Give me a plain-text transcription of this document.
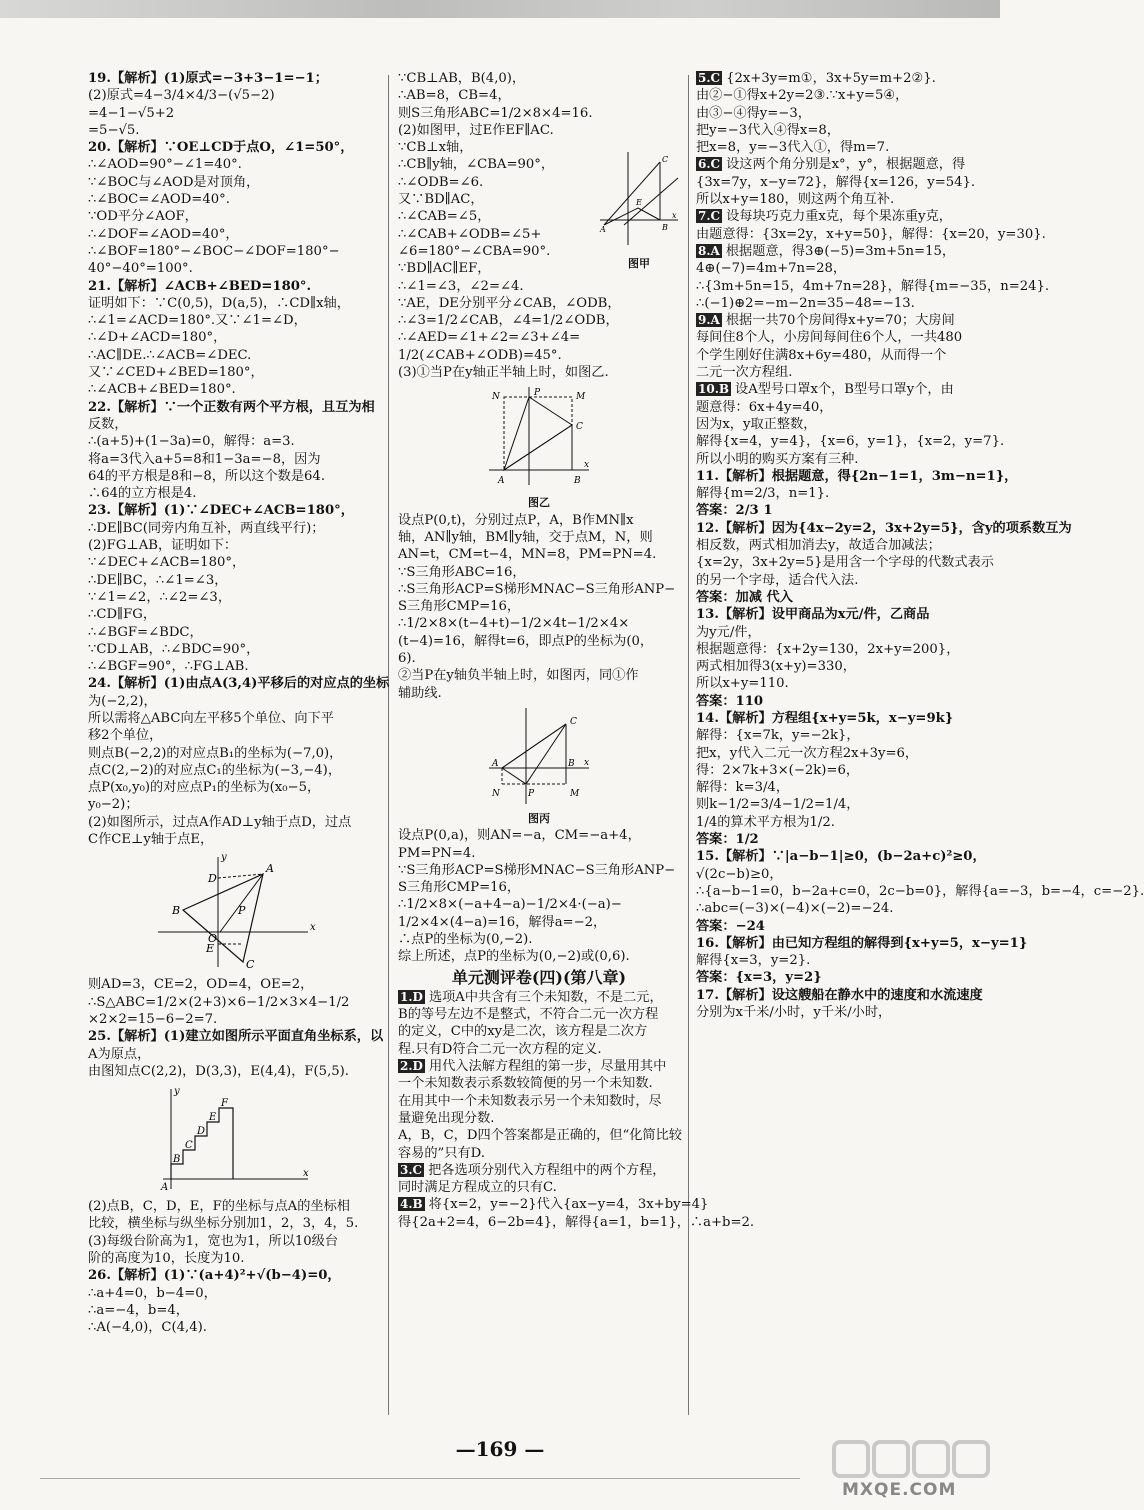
19.【解析】(1)原式=−3+3−1=−1；
(2)原式=4−3/4×4/3−(√5−2)
=4−1−√5+2
=5−√5.
20.【解析】∵OE⊥CD于点O，∠1=50°，
∴∠AOD=90°−∠1=40°.
∵∠BOC与∠AOD是对顶角，
∴∠BOC=∠AOD=40°.
∵OD平分∠AOF，
∴∠DOF=∠AOD=40°，
∴∠BOF=180°−∠BOC−∠DOF=180°−
40°−40°=100°.
21.【解析】∠ACB+∠BED=180°.
证明如下：∵C(0,5)，D(a,5)，∴CD∥x轴，
∴∠1=∠ACD=180°.又∵∠1=∠D，
∴∠D+∠ACD=180°，
∴AC∥DE.∴∠ACB=∠DEC.
又∵∠CED+∠BED=180°，
∴∠ACB+∠BED=180°.
22.【解析】∵一个正数有两个平方根，且互为相
反数，
∴(a+5)+(1−3a)=0，解得：a=3.
将a=3代入a+5=8和1−3a=−8，因为
64的平方根是8和−8，所以这个数是64.
∴64的立方根是4.
23.【解析】(1)∵∠DEC+∠ACB=180°，
∴DE∥BC(同旁内角互补，两直线平行)；
(2)FG⊥AB，证明如下：
∵∠DEC+∠ACB=180°，
∴DE∥BC，∴∠1=∠3，
∵∠1=∠2，∴∠2=∠3，
∴CD∥FG，
∴∠BGF=∠BDC，
∵CD⊥AB，∴∠BDC=90°，
∴∠BGF=90°，∴FG⊥AB.
24.【解析】(1)由点A(3,4)平移后的对应点的坐标
为(−2,2)，
所以需将△ABC向左平移5个单位、向下平
移2个单位，
则点B(−2,2)的对应点B₁的坐标为(−7,0)，
点C(2,−2)的对应点C₁的坐标为(−3,−4)，
点P(x₀,y₀)的对应点P₁的坐标为(x₀−5，
y₀−2)；
(2)如图所示，过点A作AD⊥y轴于点D，过点
C作CE⊥y轴于点E，
A
B
C
D
E
O
P
x
y
则AD=3，CE=2，OD=4，OE=2，
∴S△ABC=1/2×(2+3)×6−1/2×3×4−1/2
×2×2=15−6−2=7.
25.【解析】(1)建立如图所示平面直角坐标系，以
A为原点，
由图知点C(2,2)，D(3,3)，E(4,4)，F(5,5).
A
B
C
D
E
F
x
y
(2)点B，C，D，E，F的坐标与点A的坐标相
比较，横坐标与纵坐标分别加1，2，3，4，5.
(3)每级台阶高为1，宽也为1，所以10级台
阶的高度为10，长度为10.
26.【解析】(1)∵(a+4)²+√(b−4)=0，
∴a+4=0，b−4=0，
∴a=−4，b=4，
∴A(−4,0)，C(4,4).
∵CB⊥AB，B(4,0)，
∴AB=8，CB=4，
则S三角形ABC=1/2×8×4=16.
(2)如图甲，过E作EF∥AC.
∵CB⊥x轴，
∴CB∥y轴，∠CBA=90°，
∴∠ODB=∠6.
又∵BD∥AC，
∴∠CAB=∠5，
∴∠CAB+∠ODB=∠5+
∠6=180°−∠CBA=90°.
∵BD∥AC∥EF，
∴∠1=∠3，∠2=∠4.
∵AE，DE分别平分∠CAB，∠ODB，
∴∠3=1/2∠CAB，∠4=1/2∠ODB，
∴∠AED=∠1+∠2=∠3+∠4=
1/2(∠CAB+∠ODB)=45°.
(3)①当P在y轴正半轴上时，如图乙.
C
A
E
B
x
图甲
N	M
P
C
A	B
x
图乙
设点P(0,t)，分别过点P，A，B作MN∥x
轴，AN∥y轴，BM∥y轴，交于点M，N，则
AN=t，CM=t−4，MN=8，PM=PN=4.
∵S三角形ABC=16，
∴S三角形ACP=S梯形MNAC−S三角形ANP−
S三角形CMP=16，
∴1/2×8×(t−4+t)−1/2×4t−1/2×4×
(t−4)=16，解得t=6，即点P的坐标为(0，
6).
②当P在y轴负半轴上时，如图丙，同①作
辅助线.
C
A	B
N	P	M
x
图丙
设点P(0,a)，则AN=−a，CM=−a+4，
PM=PN=4.
∵S三角形ACP=S梯形MNAC−S三角形ANP−
S三角形CMP=16，
∴1/2×8×(−a+4−a)−1/2×4·(−a)−
1/2×4×(4−a)=16，解得a=−2，
∴点P的坐标为(0,−2).
综上所述，点P的坐标为(0,−2)或(0,6).
单元测评卷(四)(第八章)
1.D 选项A中共含有三个未知数，不是二元，
B的等号左边不是整式，不符合二元一次方程
的定义，C中的xy是二次，该方程是二次方
程.只有D符合二元一次方程的定义.
2.D 用代入法解方程组的第一步，尽量用其中
一个未知数表示系数较简便的另一个未知数.
在用其中一个未知数表示另一个未知数时，尽
量避免出现分数.
A，B，C，D四个答案都是正确的，但“化简比较
容易的”只有D.
3.C 把各选项分别代入方程组中的两个方程，
同时满足方程成立的只有C.
4.B 将{x=2，y=−2}代入{ax−y=4，3x+by=4}
得{2a+2=4，6−2b=4}，解得{a=1，b=1}，∴a+b=2.
5.C {2x+3y=m①，3x+5y=m+2②}.
由②−①得x+2y=2③.∵x+y=5④，
由③−④得y=−3，
把y=−3代入④得x=8，
把x=8，y=−3代入①，得m=7.
6.C 设这两个角分别是x°，y°，根据题意，得
{3x=7y，x−y=72}，解得{x=126，y=54}.
所以x+y=180，则这两个角互补.
7.C 设每块巧克力重x克，每个果冻重y克，
由题意得：{3x=2y，x+y=50}，解得：{x=20，y=30}.
8.A 根据题意，得3⊕(−5)=3m+5n=15，
4⊕(−7)=4m+7n=28，
∴{3m+5n=15，4m+7n=28}，解得{m=−35，n=24}.
∴(−1)⊕2=−m−2n=35−48=−13.
9.A 根据一共70个房间得x+y=70；大房间
每间住8个人，小房间每间住6个人，一共480
个学生刚好住满8x+6y=480，从而得一个
二元一次方程组.
10.B 设A型号口罩x个，B型号口罩y个，由
题意得：6x+4y=40，
因为x，y取正整数，
解得{x=4，y=4}，{x=6，y=1}，{x=2，y=7}.
所以小明的购买方案有三种.
11.【解析】根据题意，得{2n−1=1，3m−n=1}，
解得{m=2/3，n=1}.
答案：2/3 1
12.【解析】因为{4x−2y=2，3x+2y=5}，含y的项系数互为
相反数，两式相加消去y，故适合加减法；
{x=2y，3x+2y=5}是用含一个字母的代数式表示
的另一个字母，适合代入法.
答案：加减 代入
13.【解析】设甲商品为x元/件，乙商品
为y元/件，
根据题意得：{x+2y=130，2x+y=200}，
两式相加得3(x+y)=330，
所以x+y=110.
答案：110
14.【解析】方程组{x+y=5k，x−y=9k}
解得：{x=7k，y=−2k}，
把x，y代入二元一次方程2x+3y=6，
得：2×7k+3×(−2k)=6，
解得：k=3/4，
则k−1/2=3/4−1/2=1/4，
1/4的算术平方根为1/2.
答案：1/2
15.【解析】∵|a−b−1|≥0，(b−2a+c)²≥0，
√(2c−b)≥0，
∴{a−b−1=0，b−2a+c=0，2c−b=0}，解得{a=−3，b=−4，c=−2}.
∴abc=(−3)×(−4)×(−2)=−24.
答案：−24
16.【解析】由已知方程组的解得到{x+y=5，x−y=1}
解得{x=3，y=2}.
答案：{x=3，y=2}
17.【解析】设这艘船在静水中的速度和水流速度
分别为x千米/小时，y千米/小时，
—169 —
MXQE.COM
